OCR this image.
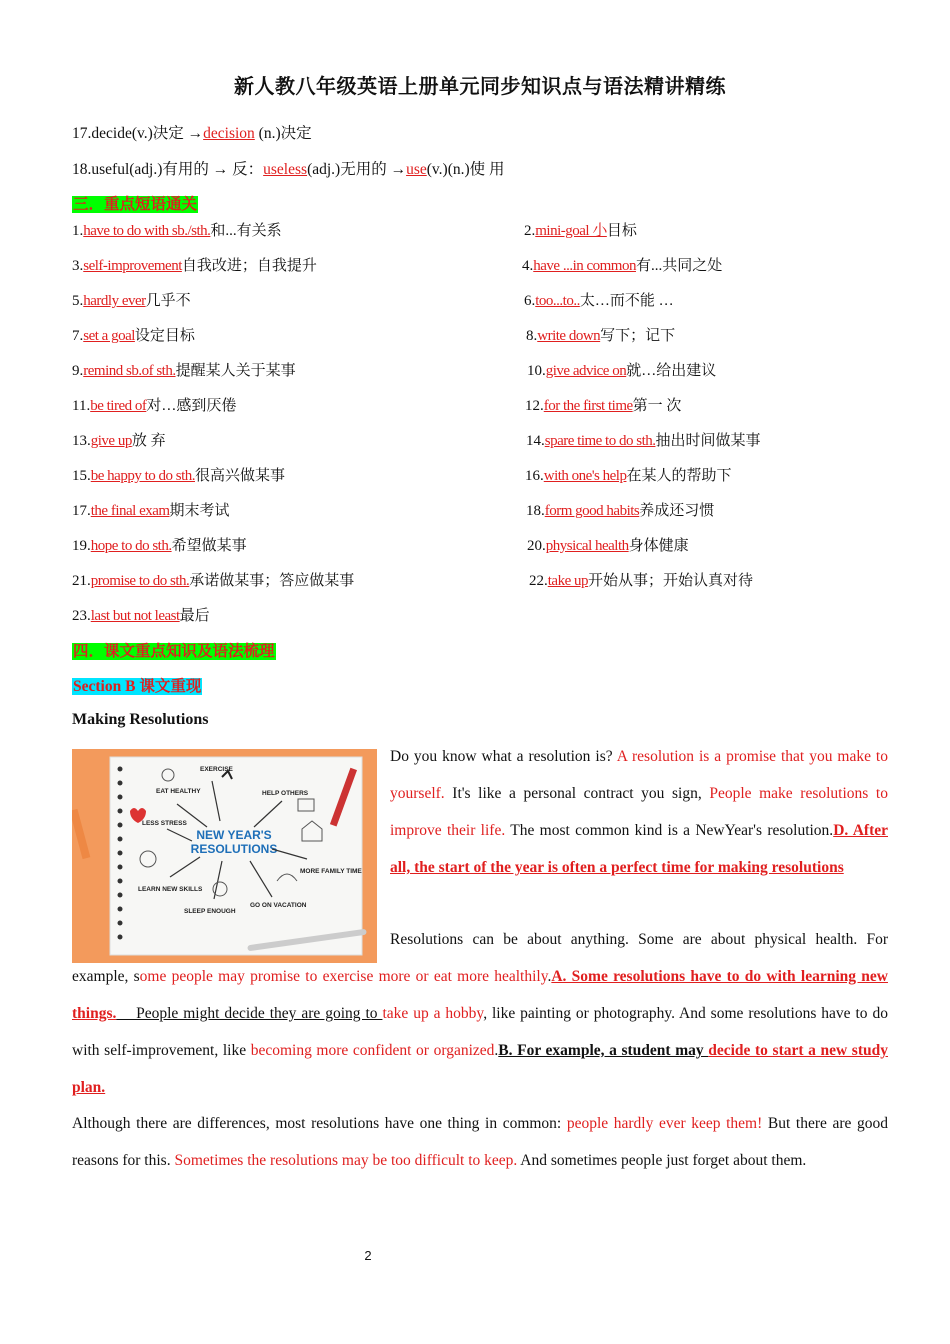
新人教八年级英语上册单元同步知识点与语法精讲精练
17.decide(v.)决定 →decision (n.)决定
18.useful(adj.)有用的 → 反：useless(adj.)无用的 →use(v.)(n.)使 用
三．重点短语通关
1.have to do with sb./sth.和...有关系	2.mini-goal 小目标
3.self-improvement自我改进；自我提升	4.have ...in common有...共同之处
5.hardly ever几乎不	6.too...to..太…而不能 …
7.set a goal设定目标	8.write down写下；记下
9.remind sb.of sth.提醒某人关于某事	10.give advice on就…给出建议
11.be tired of对…感到厌倦	12.for the first time第一 次
13.give up放 弃	14.spare time to do sth.抽出时间做某事
15.be happy to do sth.很高兴做某事	16.with one's help在某人的帮助下
17.the final exam期末考试	18.form good habits养成还习惯
19.hope to do sth.希望做某事	20.physical health身体健康
21.promise to do sth.承诺做某事；答应做某事	22.take up开始从事；开始认真对待
23.last but not least最后
四．课文重点知识及语法梳理
Section B 课文重现
Making Resolutions
NEW YEAR'S
RESOLUTIONS
EXERCISE
EAT HEALTHY	HELP OTHERS
LESS STRESS
MORE FAMILY TIME
LEARN NEW SKILLS
SLEEP ENOUGH
GO ON VACATION
Do you know what a resolution is? A resolution is a promise that you make to yourself. It's like a personal contract you sign, People make resolutions to improve their life. The most common kind is a NewYear's resolution.D. After all, the start of the year is often a perfect time for making resolutions
Resolutions can be about anything. Some are about physical health. For
example, some people may promise to exercise more or eat more healthily.A. Some resolutions have to do with learning new things.    People might decide they are going to take up a hobby, like painting or photography. And some resolutions have to do with self-improvement, like becoming more confident or organized.B. For example, a student may decide to start a new study plan.
Although there are differences, most resolutions have one thing in common: people hardly ever keep them! But there are good reasons for this. Sometimes the resolutions may be too difficult to keep. And sometimes people just forget about them.
2
